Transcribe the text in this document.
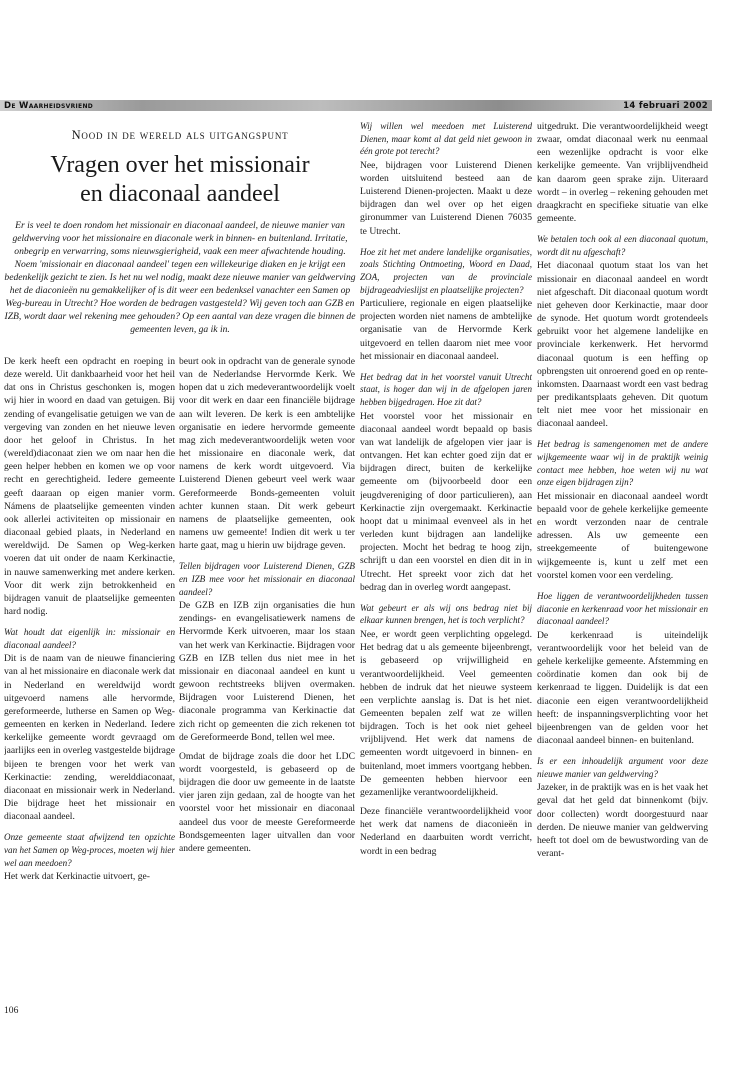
De Waarheidsvriend	14 februari 2002
Nood in de wereld als uitgangspunt
Vragen over het missionair
en diaconaal aandeel

Er is veel te doen rondom het missionair en diaconaal aandeel, de nieuwe manier van geldwerving voor het missionaire en diaconale werk in binnen- en buitenland. Irritatie, onbegrip en verwarring, soms nieuwsgierigheid, vaak een meer afwachtende houding. Noem 'missionair en diaconaal aandeel' tegen een willekeurige diaken en je krijgt een bedenkelijk gezicht te zien. Is het nu wel nodig, maakt deze nieuwe manier van geldwerving het de diaconieën nu gemakkelijker of is dit weer een bedenksel vanachter een Samen op Weg-bureau in Utrecht? Hoe worden de bedragen vastgesteld? Wij geven toch aan GZB en IZB, wordt daar wel rekening mee gehouden? Op een aantal van deze vragen die binnen de gemeenten leven, ga ik in.

De kerk heeft een opdracht en roeping in deze wereld. Uit dankbaarheid voor het heil dat ons in Christus geschonken is, mogen wij hier in woord en daad van getuigen. Bij zending of evangelisatie getuigen we van de vergeving van zonden en het nieuwe leven door het geloof in Christus. In het (wereld)diaconaat zien we om naar hen die geen helper hebben en komen we op voor recht en gerechtigheid. Iedere gemeente geeft daaraan op eigen manier vorm. Námens de plaatselijke gemeenten vinden ook allerlei activiteiten op missionair en diaconaal gebied plaats, in Nederland en wereldwijd. De Samen op Weg-kerken voeren dat uit onder de naam Kerkinactie, in nauwe samenwerking met andere kerken. Voor dit werk zijn betrokkenheid en bijdragen vanuit de plaatselijke gemeenten hard nodig.

Wat houdt dat eigenlijk in: missionair en diaconaal aandeel?

Dit is de naam van de nieuwe financiering van al het missionaire en diaconale werk dat in Nederland en wereldwijd wordt uitgevoerd namens alle hervormde, gereformeerde, lutherse en Samen op Weg-gemeenten en kerken in Nederland. Iedere kerkelijke gemeente wordt gevraagd om jaarlijks een in overleg vastgestelde bijdrage bijeen te brengen voor het werk van Kerkinactie: zending, werelddiaconaat, diaconaat en missionair werk in Nederland. Die bijdrage heet het missionair en diaconaal aandeel.

Onze gemeente staat afwijzend ten opzichte van het Samen op Weg-proces, moeten wij hier wel aan meedoen?

Het werk dat Kerkinactie uitvoert, ge-

106

beurt ook in opdracht van de generale synode van de Nederlandse Hervormde Kerk. We hopen dat u zich medeverantwoordelijk voelt voor dit werk en daar een financiële bijdrage aan wilt leveren. De kerk is een ambtelijke organisatie en iedere hervormde gemeente mag zich medeverantwoordelijk weten voor het missionaire en diaconale werk, dat namens de kerk wordt uitgevoerd. Via Luisterend Dienen gebeurt veel werk waar Gereformeerde Bonds-gemeenten voluit achter kunnen staan. Dit werk gebeurt namens de plaatselijke gemeenten, ook namens uw gemeente! Indien dit werk u ter harte gaat, mag u hierin uw bijdrage geven.

Tellen bijdragen voor Luisterend Dienen, GZB en IZB mee voor het missionair en diaconaal aandeel?

De GZB en IZB zijn organisaties die hun zendings- en evangelisatiewerk namens de Hervormde Kerk uitvoeren, maar los staan van het werk van Kerkinactie. Bijdragen voor GZB en IZB tellen dus niet mee in het missionair en diaconaal aandeel en kunt u gewoon rechtstreeks blijven overmaken. Bijdragen voor Luisterend Dienen, het diaconale programma van Kerkinactie dat zich richt op gemeenten die zich rekenen tot de Gereformeerde Bond, tellen wel mee.

Omdat de bijdrage zoals die door het LDC wordt voorgesteld, is gebaseerd op de bijdragen die door uw gemeente in de laatste vier jaren zijn gedaan, zal de hoogte van het voorstel voor het missionair en diaconaal aandeel dus voor de meeste Gereformeerde Bondsgemeenten lager uitvallen dan voor andere gemeenten.

Wij willen wel meedoen met Luisterend Dienen, maar komt al dat geld niet gewoon in één grote pot terecht?

Nee, bijdragen voor Luisterend Dienen worden uitsluitend besteed aan de Luisterend Dienen-projecten. Maakt u deze bijdragen dan wel over op het eigen gironummer van Luisterend Dienen 76035 te Utrecht.

Hoe zit het met andere landelijke organisaties, zoals Stichting Ontmoeting, Woord en Daad, ZOA, projecten van de provinciale bijdrageadvieslijst en plaatselijke projecten?

Particuliere, regionale en eigen plaatselijke projecten worden niet namens de ambtelijke organisatie van de Hervormde Kerk uitgevoerd en tellen daarom niet mee voor het missionair en diaconaal aandeel.

Het bedrag dat in het voorstel vanuit Utrecht staat, is hoger dan wij in de afgelopen jaren hebben bijgedragen. Hoe zit dat?

Het voorstel voor het missionair en diaconaal aandeel wordt bepaald op basis van wat landelijk de afgelopen vier jaar is ontvangen. Het kan echter goed zijn dat er bijdragen direct, buiten de kerkelijke gemeente om (bijvoorbeeld door een jeugdvereniging of door particulieren), aan Kerkinactie zijn overgemaakt. Kerkinactie hoopt dat u minimaal evenveel als in het verleden kunt bijdragen aan landelijke projecten. Mocht het bedrag te hoog zijn, schrijft u dan een voorstel en dien dit in in Utrecht. Het spreekt voor zich dat het bedrag dan in overleg wordt aangepast.

Wat gebeurt er als wij ons bedrag niet bij elkaar kunnen brengen, het is toch verplicht?

Nee, er wordt geen verplichting opgelegd. Het bedrag dat u als gemeente bijeenbrengt, is gebaseerd op vrijwilligheid en verantwoordelijkheid. Veel gemeenten hebben de indruk dat het nieuwe systeem een verplichte aanslag is. Dat is het niet. Gemeenten bepalen zelf wat ze willen bijdragen. Toch is het ook niet geheel vrijblijvend. Het werk dat namens de gemeenten wordt uitgevoerd in binnen- en buitenland, moet immers voortgang hebben. De gemeenten hebben hiervoor een gezamenlijke verantwoordelijkheid.

Deze financiële verantwoordelijkheid voor het werk dat namens de diaconieën in Nederland en daarbuiten wordt verricht, wordt in een bedrag

uitgedrukt. Die verantwoordelijkheid weegt zwaar, omdat diaconaal werk nu eenmaal een wezenlijke opdracht is voor elke kerkelijke gemeente. Van vrijblijvendheid kan daarom geen sprake zijn. Uiteraard wordt – in overleg – rekening gehouden met draagkracht en specifieke situatie van elke gemeente.

We betalen toch ook al een diaconaal quotum, wordt dit nu afgeschaft?

Het diaconaal quotum staat los van het missionair en diaconaal aandeel en wordt niet afgeschaft. Dit diaconaal quotum wordt niet geheven door Kerkinactie, maar door de synode. Het quotum wordt grotendeels gebruikt voor het algemene landelijke en provinciale kerkenwerk. Het hervormd diaconaal quotum is een heffing op opbrengsten uit onroerend goed en op rente-inkomsten. Daarnaast wordt een vast bedrag per predikantsplaats geheven. Dit quotum telt niet mee voor het missionair en diaconaal aandeel.

Het bedrag is samengenomen met de andere wijkgemeente waar wij in de praktijk weinig contact mee hebben, hoe weten wij nu wat onze eigen bijdragen zijn?

Het missionair en diaconaal aandeel wordt bepaald voor de gehele kerkelijke gemeente en wordt verzonden naar de centrale adressen. Als uw gemeente een streekgemeente of buitengewone wijkgemeente is, kunt u zelf met een voorstel komen voor een verdeling.

Hoe liggen de verantwoordelijkheden tussen diaconie en kerkenraad voor het missionair en diaconaal aandeel?

De kerkenraad is uiteindelijk verantwoordelijk voor het beleid van de gehele kerkelijke gemeente. Afstemming en coördinatie komen dan ook bij de kerkenraad te liggen. Duidelijk is dat een diaconie een eigen verantwoordelijkheid heeft: de inspanningsverplichting voor het bijeenbrengen van de gelden voor het diaconaal aandeel binnen- en buitenland.

Is er een inhoudelijk argument voor deze nieuwe manier van geldwerving?

Jazeker, in de praktijk was en is het vaak het geval dat het geld dat binnenkomt (bijv. door collecten) wordt doorgestuurd naar derden. De nieuwe manier van geldwerving heeft tot doel om de bewustwording van de verant-
